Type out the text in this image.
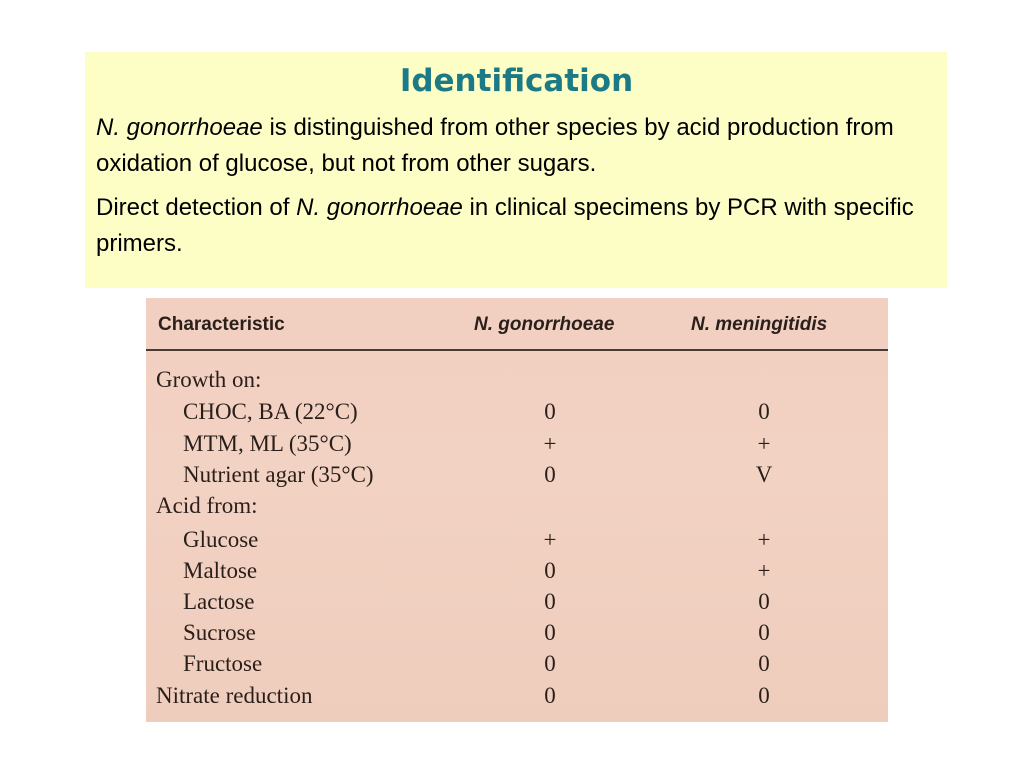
Identification

N. gonorrhoeae is distinguished from other species by acid production from oxidation of glucose, but not from other sugars.

Direct detection of N. gonorrhoeae in clinical specimens by PCR with specific primers.

Characteristic	N. gonorrhoeae	N. meningitidis
Growth on:
CHOC, BA (22°C)	0	0
MTM, ML (35°C)	+	+
Nutrient agar (35°C)	0	V
Acid from:
Glucose	+	+
Maltose	0	+
Lactose	0	0
Sucrose	0	0
Fructose	0	0
Nitrate reduction	0	0
